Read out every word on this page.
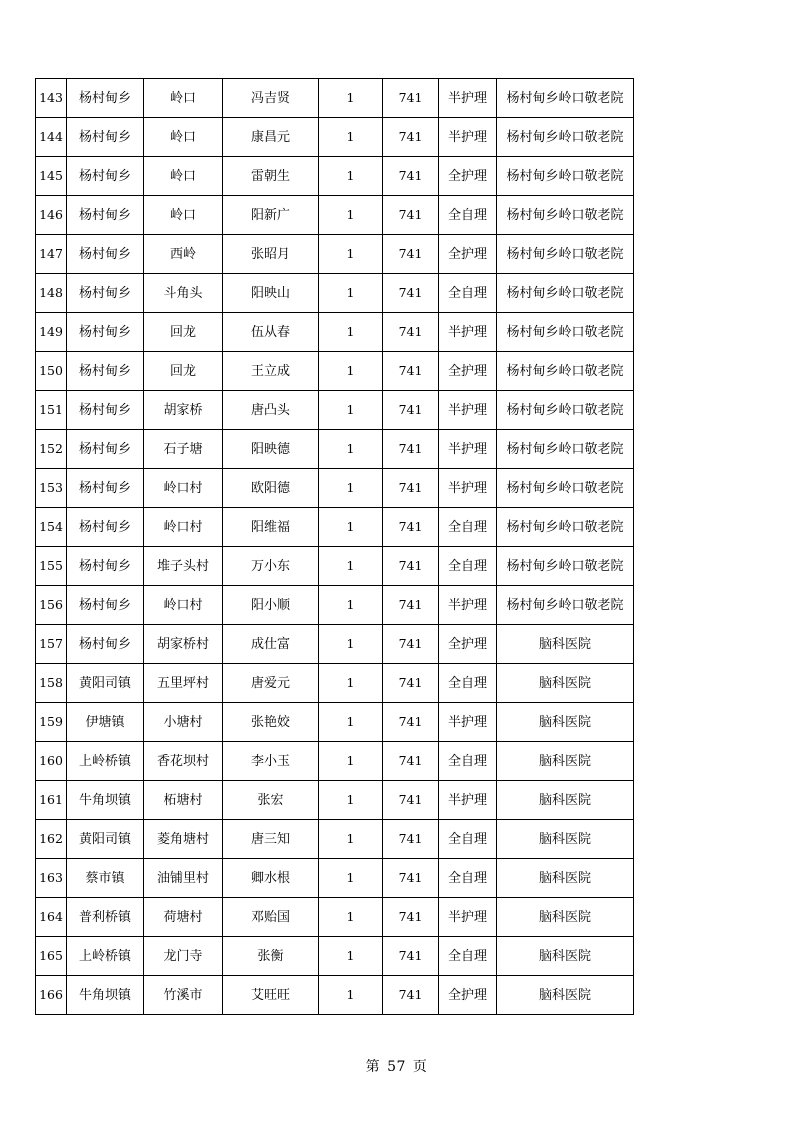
143	杨村甸乡	岭口	冯吉贤	1	741	半护理	杨村甸乡岭口敬老院
144	杨村甸乡	岭口	康昌元	1	741	半护理	杨村甸乡岭口敬老院
145	杨村甸乡	岭口	雷朝生	1	741	全护理	杨村甸乡岭口敬老院
146	杨村甸乡	岭口	阳新广	1	741	全自理	杨村甸乡岭口敬老院
147	杨村甸乡	西岭	张昭月	1	741	全护理	杨村甸乡岭口敬老院
148	杨村甸乡	斗角头	阳映山	1	741	全自理	杨村甸乡岭口敬老院
149	杨村甸乡	回龙	伍从春	1	741	半护理	杨村甸乡岭口敬老院
150	杨村甸乡	回龙	王立成	1	741	全护理	杨村甸乡岭口敬老院
151	杨村甸乡	胡家桥	唐凸头	1	741	半护理	杨村甸乡岭口敬老院
152	杨村甸乡	石子塘	阳映德	1	741	半护理	杨村甸乡岭口敬老院
153	杨村甸乡	岭口村	欧阳德	1	741	半护理	杨村甸乡岭口敬老院
154	杨村甸乡	岭口村	阳维福	1	741	全自理	杨村甸乡岭口敬老院
155	杨村甸乡	堆子头村	万小东	1	741	全自理	杨村甸乡岭口敬老院
156	杨村甸乡	岭口村	阳小顺	1	741	半护理	杨村甸乡岭口敬老院
157	杨村甸乡	胡家桥村	成仕富	1	741	全护理	脑科医院
158	黄阳司镇	五里坪村	唐爱元	1	741	全自理	脑科医院
159	伊塘镇	小塘村	张艳姣	1	741	半护理	脑科医院
160	上岭桥镇	香花坝村	李小玉	1	741	全自理	脑科医院
161	牛角坝镇	柘塘村	张宏	1	741	半护理	脑科医院
162	黄阳司镇	菱角塘村	唐三知	1	741	全自理	脑科医院
163	蔡市镇	油铺里村	卿水根	1	741	全自理	脑科医院
164	普利桥镇	荷塘村	邓贻国	1	741	半护理	脑科医院
165	上岭桥镇	龙门寺	张衡	1	741	全自理	脑科医院
166	牛角坝镇	竹溪市	艾旺旺	1	741	全护理	脑科医院
第 57 页
